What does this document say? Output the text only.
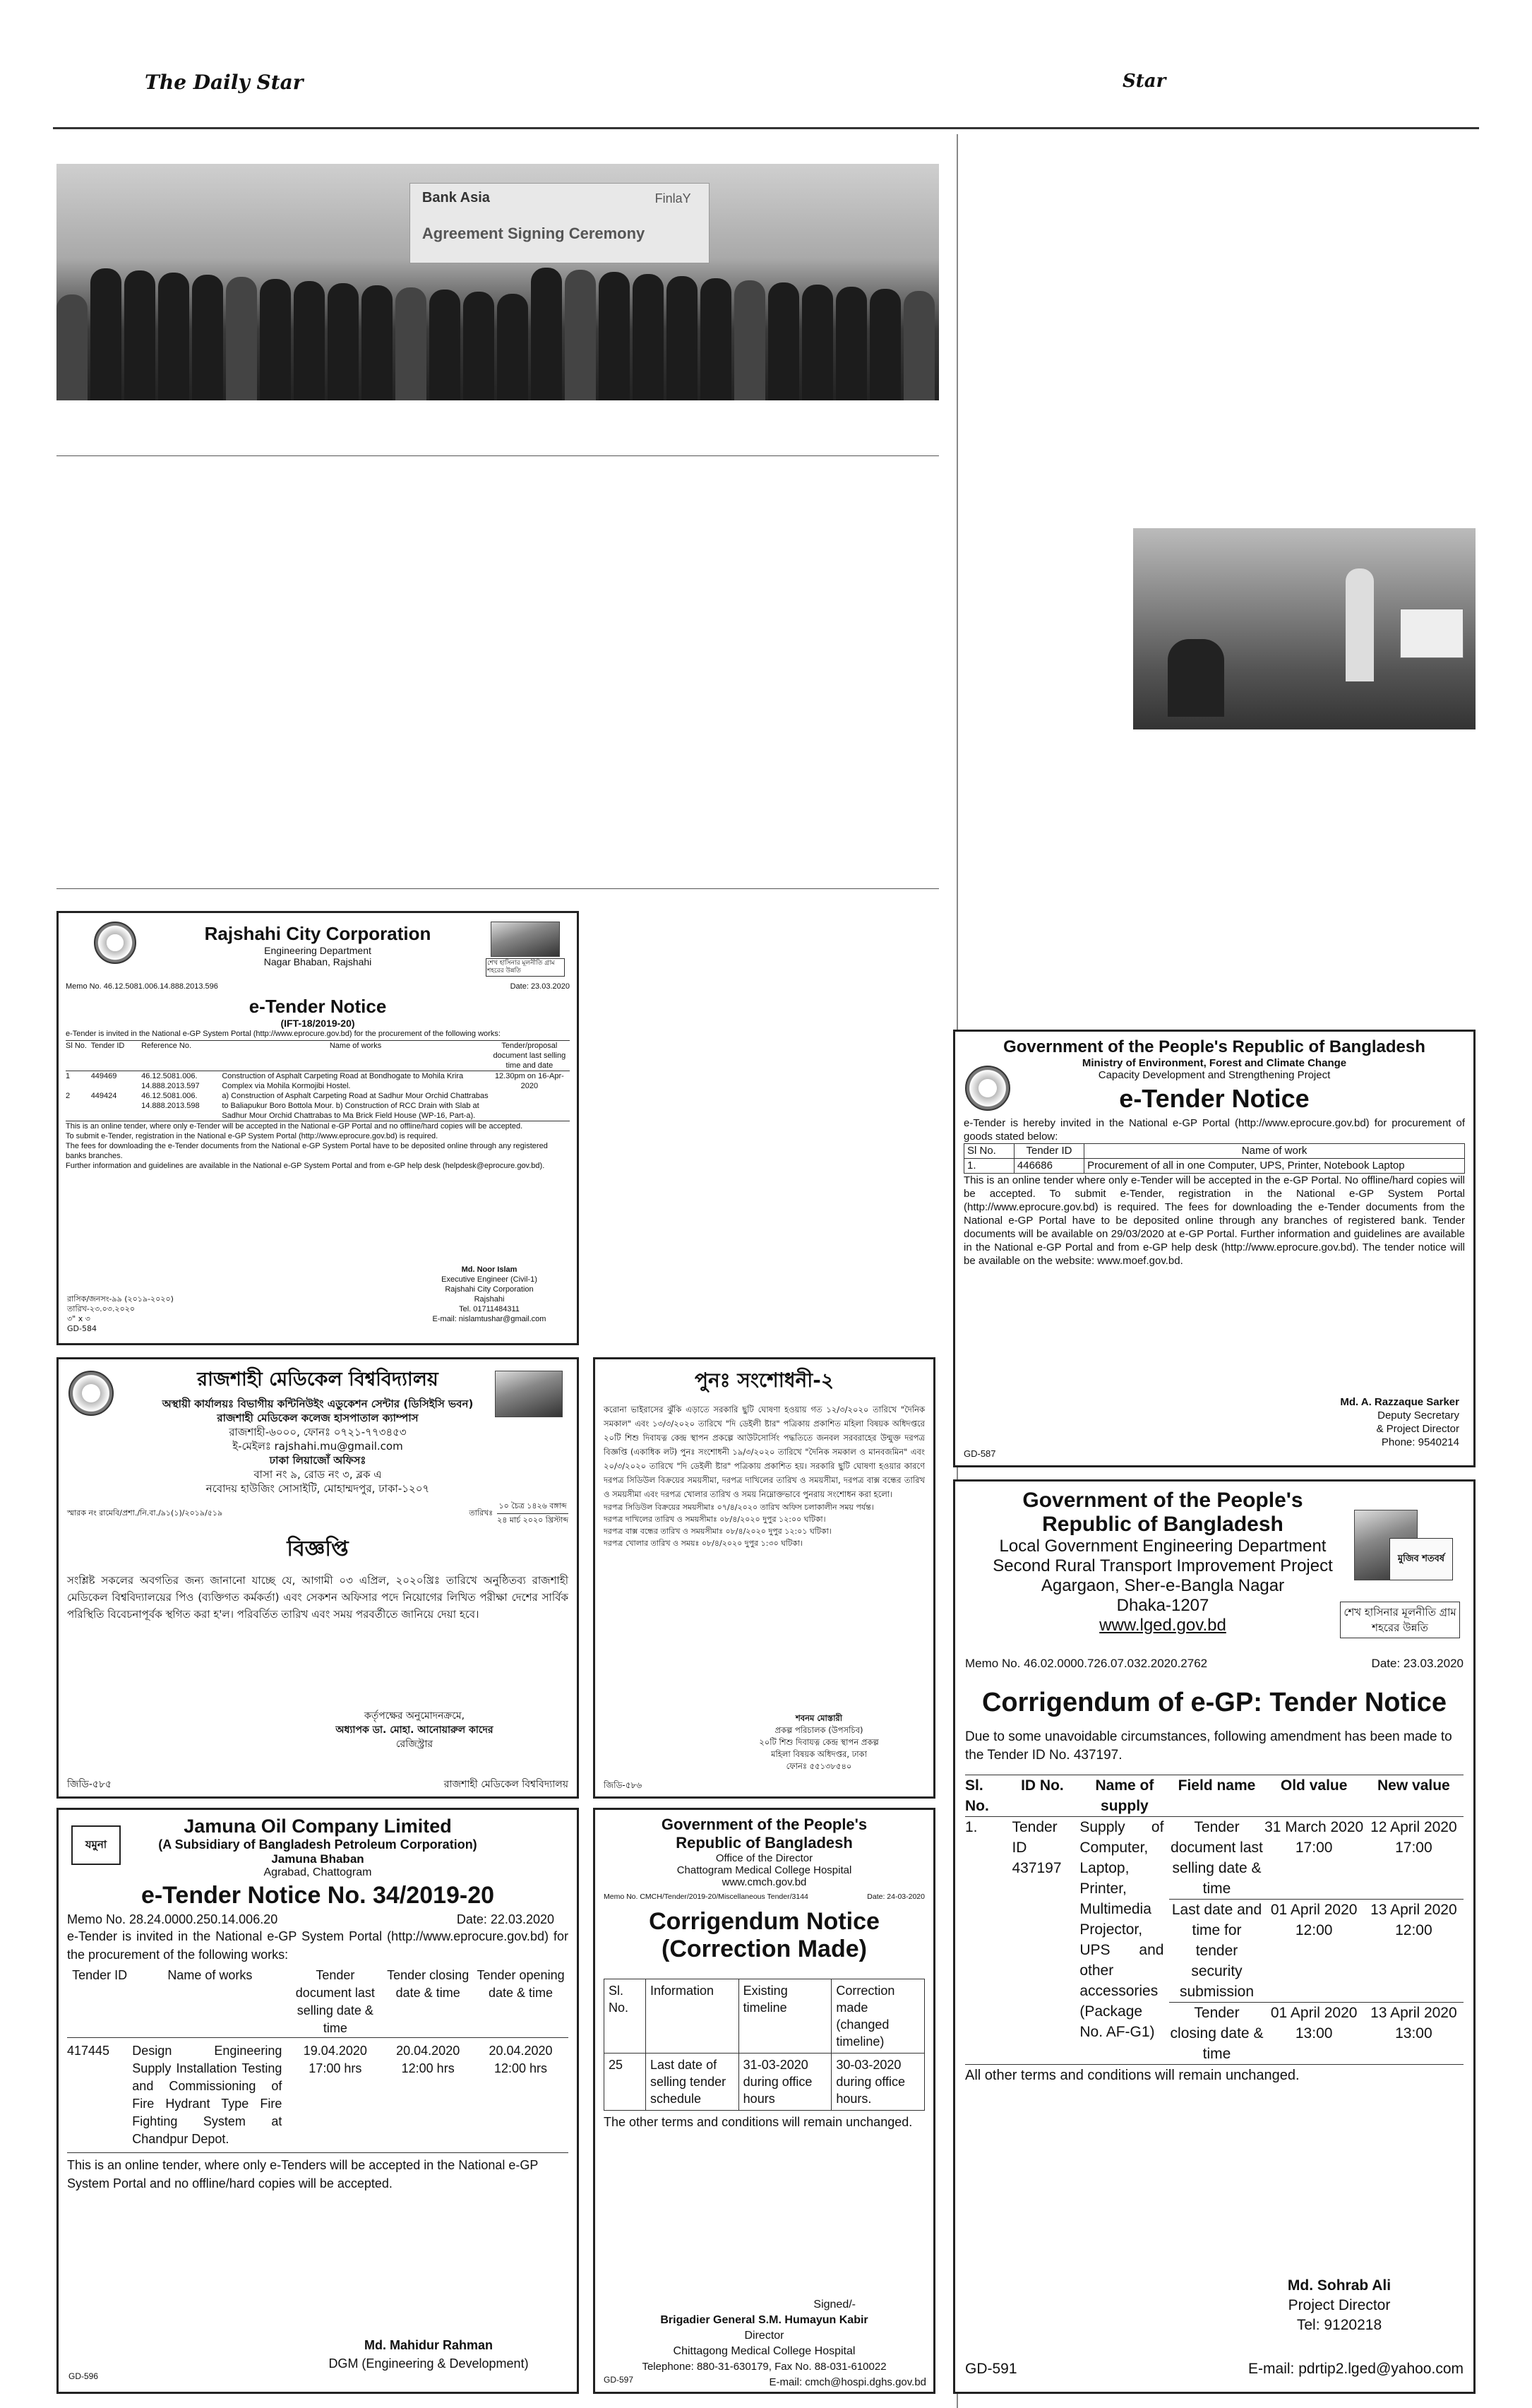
The Daily Star	Star
Bank Asia	FinlaY
Agreement Signing Ceremony
শেখ হাসিনার মূলনীতি গ্রাম শহরের উন্নতি
Rajshahi City Corporation
Engineering Department
Nagar Bhaban, Rajshahi
Memo No. 46.12.5081.006.14.888.2013.596	Date: 23.03.2020
e-Tender Notice
(IFT-18/2019-20)
e-Tender is invited in the National e-GP System Portal (http://www.eprocure.gov.bd) for the procurement of the following works:
Sl No.	Tender ID	Reference No.	Name of works	Tender/proposal document last selling time and date
1	449469	46.12.5081.006. 14.888.2013.597	Construction of Asphalt Carpeting Road at Bondhogate to Mohila Krira Complex via Mohila Kormojibi Hostel.	12.30pm on 16-Apr-2020
2	449424	46.12.5081.006. 14.888.2013.598	a) Construction of Asphalt Carpeting Road at Sadhur Mour Orchid Chattrabas to Baliapukur Boro Bottola Mour. b) Construction of RCC Drain with Slab at Sadhur Mour Orchid Chattrabas to Ma Brick Field House (WP-16, Part-a).	
This is an online tender, where only e-Tender will be accepted in the National e-GP Portal and no offline/hard copies will be accepted.
To submit e-Tender, registration in the National e-GP System Portal (http://www.eprocure.gov.bd) is required.
The fees for downloading the e-Tender documents from the National e-GP System Portal have to be deposited online through any registered banks branches.
Further information and guidelines are available in the National e-GP System Portal and from e-GP help desk (helpdesk@eprocure.gov.bd).
Md. Noor Islam
Executive Engineer (Civil-1)
Rajshahi City Corporation
Rajshahi
Tel. 01711484311
E-mail: nislamtushar@gmail.com
রাসিক/জনসং-৯৯ (২০১৯-২০২০)
তারিখ-২৩.০৩.২০২০
৩" x ৩
GD-584
রাজশাহী মেডিকেল বিশ্ববিদ্যালয়
অস্থায়ী কার্যালয়ঃ বিভাগীয় কন্টিনিউইং এডুকেশন সেন্টার (ডিসিইসি ভবন)
রাজশাহী মেডিকেল কলেজ হাসপাতাল ক্যাম্পাস
রাজশাহী-৬০০০, ফোনঃ ০৭২১-৭৭৩৪৫৩
ই-মেইলঃ rajshahi.mu@gmail.com
ঢাকা লিয়াজোঁ অফিসঃ
বাসা নং ৯, রোড নং ৩, ব্লক এ
নবোদয় হাউজিং সোসাইটি, মোহাম্মদপুর, ঢাকা-১২০৭
স্মারক নং রামেবি/প্রশা./নি.বা./৯১(১)/২০১৯/৫১৯	তারিখঃ
১০ চৈত্র ১৪২৬ বঙ্গাব্দ
২৪ মার্চ ২০২০ খ্রিস্টাব্দ
বিজ্ঞপ্তি
সংশ্লিষ্ট সকলের অবগতির জন্য জানানো যাচ্ছে যে, আগামী ০৩ এপ্রিল, ২০২০খ্রিঃ তারিখে অনুষ্ঠিতব্য রাজশাহী মেডিকেল বিশ্ববিদ্যালয়ের পিও (ব্যক্তিগত কর্মকর্তা) এবং সেকশন অফিসার পদে নিয়োগের লিখিত পরীক্ষা দেশের সার্বিক পরিস্থিতি বিবেচনাপূর্বক স্থগিত করা হ'ল। পরিবর্তিত তারিখ এবং সময় পরবর্তীতে জানিয়ে দেয়া হবে।
কর্তৃপক্ষের অনুমোদনক্রমে,
অধ্যাপক ডা. মোহা. আনোয়ারুল কাদের
রেজিস্ট্রার
জিডি-৫৮৫	রাজশাহী মেডিকেল বিশ্ববিদ্যালয়
পুনঃ সংশোধনী-২
করোনা ভাইরাসের ঝুঁকি এড়াতে সরকারি ছুটি ঘোষণা হওয়ায় গত ১২/৩/২০২০ তারিখে "দৈনিক সমকাল" এবং ১৩/৩/২০২০ তারিখে "দি ডেইলী ষ্টার" পত্রিকায় প্রকাশিত মহিলা বিষয়ক অধিদপ্তরে ২০টি শিশু দিবাযত্ন কেন্দ্র স্থাপন প্রকল্পে আউটসোর্সিং পদ্ধতিতে জনবল সরবরাহের উন্মুক্ত দরপত্র বিজ্ঞপ্তি (একাধিক লট) পুনঃ সংশোধনী ১৯/৩/২০২০ তারিখে "দৈনিক সমকাল ও মানবজমিন" এবং ২০/৩/২০২০ তারিখে "দি ডেইলী ষ্টার" পত্রিকায় প্রকাশিত হয়। সরকারি ছুটি ঘোষণা হওয়ার কারণে দরপত্র সিডিউল বিক্রয়ের সময়সীমা, দরপত্র দাখিলের তারিখ ও সময়সীমা, দরপত্র বাক্স বন্ধের তারিখ ও সময়সীমা এবং দরপত্র খোলার তারিখ ও সময় নিম্নোক্তভাবে পুনরায় সংশোধন করা হলো।
দরপত্র সিডিউল বিক্রয়ের সময়সীমাঃ ০৭/৪/২০২০ তারিখ অফিস চলাকালীন সময় পর্যন্ত।
দরপত্র দাখিলের তারিখ ও সময়সীমাঃ ০৮/৪/২০২০ দুপুর ১২:০০ ঘটিকা।
দরপত্র বাক্স বন্ধের তারিখ ও সময়সীমাঃ ০৮/৪/২০২০ দুপুর ১২:০১ ঘটিকা।
দরপত্র খোলার তারিখ ও সময়ঃ ০৮/৪/২০২০ দুপুর ১:৩০ ঘটিকা।
শবনম মোস্তারী
প্রকল্প পরিচালক (উপসচিব)
২০টি শিশু দিবাযত্ন কেন্দ্র স্থাপন প্রকল্প
মহিলা বিষয়ক অধিদপ্তর, ঢাকা
ফোনঃ ৫৫১৩৮৫৪০
জিডি-৫৮৬
যমুনা
Jamuna Oil Company Limited
(A Subsidiary of Bangladesh Petroleum Corporation)
Jamuna Bhaban
Agrabad, Chattogram
e-Tender Notice No. 34/2019-20
Memo No. 28.24.0000.250.14.006.20	Date: 22.03.2020
e-Tender is invited in the National e-GP System Portal (http://www.eprocure.gov.bd) for the procurement of the following works:
Tender ID	Name of works	Tender document last selling date & time	Tender closing date & time	Tender opening date & time
417445	Design Engineering Supply Installation Testing and Commissioning of Fire Hydrant Type Fire Fighting System at Chandpur Depot.	19.04.2020 17:00 hrs	20.04.2020 12:00 hrs	20.04.2020 12:00 hrs
This is an online tender, where only e-Tenders will be accepted in the National e-GP System Portal and no offline/hard copies will be accepted.
Md. Mahidur Rahman
DGM (Engineering & Development)
GD-596
Government of the People's
Republic of Bangladesh
Office of the Director
Chattogram Medical College Hospital
www.cmch.gov.bd
Memo No. CMCH/Tender/2019-20/Miscellaneous Tender/3144	Date: 24-03-2020
Corrigendum Notice
(Correction Made)
Sl. No.	Information	Existing timeline	Correction made (changed timeline)
25	Last date of selling tender schedule	31-03-2020 during office hours	30-03-2020 during office hours.
The other terms and conditions will remain unchanged.
Signed/-
Brigadier General S.M. Humayun Kabir
Director
Chittagong Medical College Hospital
Telephone: 880-31-630179, Fax No. 88-031-610022
E-mail: cmch@hospi.dghs.gov.bd
GD-597
Government of the People's Republic of Bangladesh
Ministry of Environment, Forest and Climate Change
Capacity Development and Strengthening Project
e-Tender Notice
e-Tender is hereby invited in the National e-GP Portal (http://www.eprocure.gov.bd) for procurement of goods stated below:
Sl No.	Tender ID	Name of work
1.	446686	Procurement of all in one Computer, UPS, Printer, Notebook Laptop
This is an online tender where only e-Tender will be accepted in the e-GP Portal. No offline/hard copies will be accepted. To submit e-Tender, registration in the National e-GP System Portal (http://www.eprocure.gov.bd) is required. The fees for downloading the e-Tender documents from the National e-GP Portal have to be deposited online through any branches of registered bank. Tender documents will be available on 29/03/2020 at e-GP Portal. Further information and guidelines are available in the National e-GP Portal and from e-GP help desk (http://www.eprocure.gov.bd). The tender notice will be available on the website: www.moef.gov.bd.
Md. A. Razzaque Sarker
Deputy Secretary
& Project Director
Phone: 9540214
GD-587
মুজিব শতবর্ষ
শেখ হাসিনার মূলনীতি গ্রাম শহরের উন্নতি
Government of the People's
Republic of Bangladesh
Local Government Engineering Department
Second Rural Transport Improvement Project
Agargaon, Sher-e-Bangla Nagar
Dhaka-1207
www.lged.gov.bd
Memo No. 46.02.0000.726.07.032.2020.2762	Date: 23.03.2020
Corrigendum of e-GP: Tender Notice
Due to some unavoidable circumstances, following amendment has been made to the Tender ID No. 437197.
Sl. No.	ID No.	Name of supply	Field name	Old value	New value
1.	Tender ID 437197	Supply of Computer, Laptop, Printer, Multimedia Projector, UPS and other accessories (Package No. AF-G1)	Tender document last selling date & time	31 March 2020 17:00	12 April 2020 17:00
			Last date and time for tender security submission	01 April 2020 12:00	13 April 2020 12:00
			Tender closing date & time	01 April 2020 13:00	13 April 2020 13:00
All other terms and conditions will remain unchanged.
Md. Sohrab Ali
Project Director
Tel: 9120218
GD-591	E-mail: pdrtip2.lged@yahoo.com
